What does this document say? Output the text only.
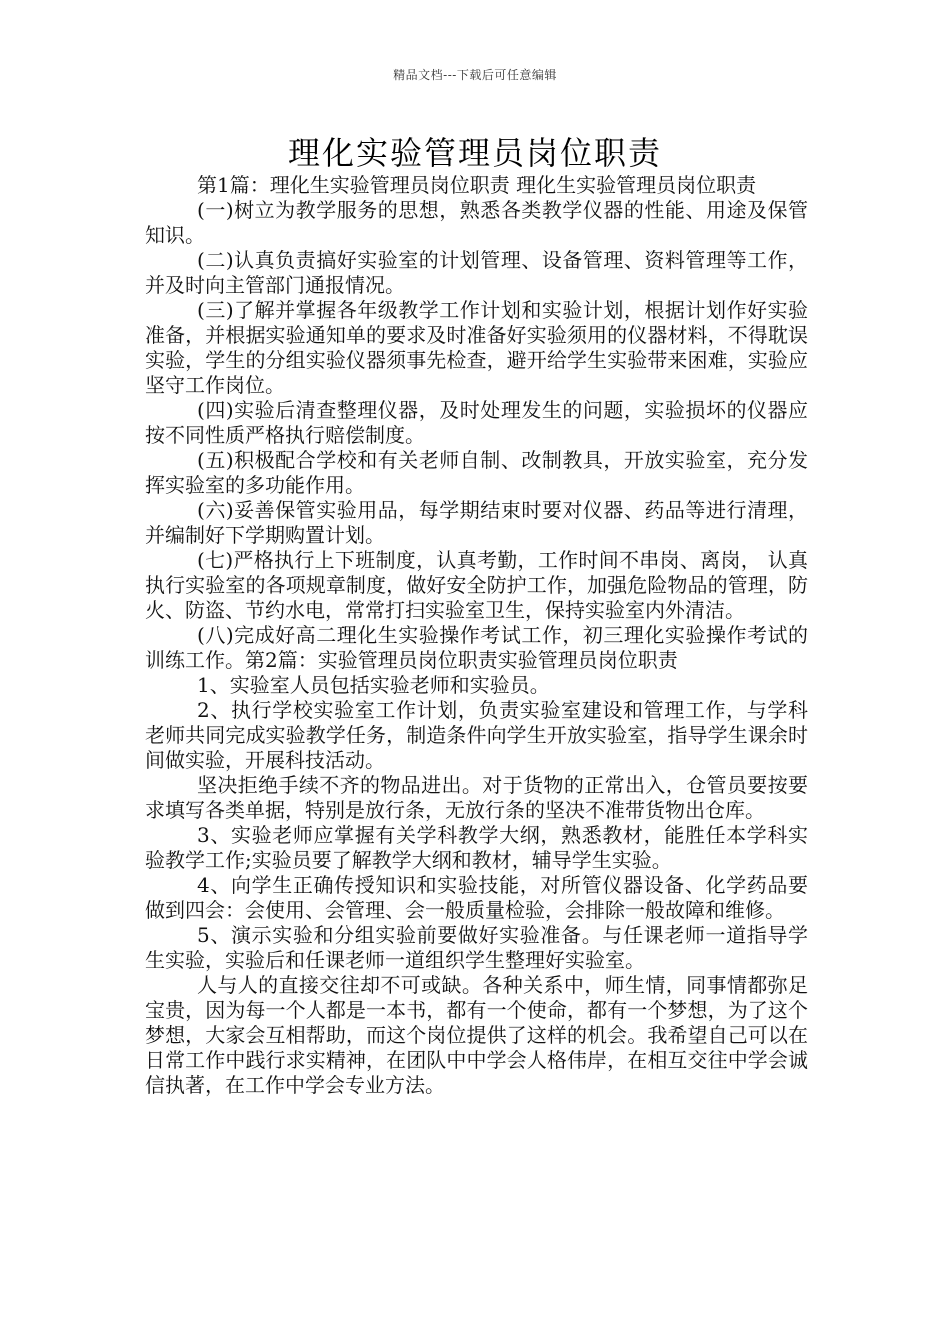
精品文档---下载后可任意编辑
理化实验管理员岗位职责

第1篇：理化生实验管理员岗位职责 理化生实验管理员岗位职责

(一)树立为教学服务的思想，熟悉各类教学仪器的性能、用途及保管知识。

(二)认真负责搞好实验室的计划管理、设备管理、资料管理等工作，并及时向主管部门通报情况。

(三)了解并掌握各年级教学工作计划和实验计划，根据计划作好实验准备，并根据实验通知单的要求及时准备好实验须用的仪器材料，不得耽误实验，学生的分组实验仪器须事先检查，避开给学生实验带来困难，实验应坚守工作岗位。

(四)实验后清查整理仪器，及时处理发生的问题，实验损坏的仪器应按不同性质严格执行赔偿制度。

(五)积极配合学校和有关老师自制、改制教具，开放实验室，充分发挥实验室的多功能作用。

(六)妥善保管实验用品，每学期结束时要对仪器、药品等进行清理，并编制好下学期购置计划。

(七)严格执行上下班制度，认真考勤，工作时间不串岗、离岗， 认真执行实验室的各项规章制度，做好安全防护工作，加强危险物品的管理，防火、防盗、节约水电，常常打扫实验室卫生，保持实验室内外清洁。

(八)完成好高二理化生实验操作考试工作，初三理化实验操作考试的训练工作。第2篇：实验管理员岗位职责实验管理员岗位职责

1、实验室人员包括实验老师和实验员。

2、执行学校实验室工作计划，负责实验室建设和管理工作，与学科老师共同完成实验教学任务，制造条件向学生开放实验室，指导学生课余时间做实验，开展科技活动。

坚决拒绝手续不齐的物品进出。对于货物的正常出入，仓管员要按要求填写各类单据，特别是放行条，无放行条的坚决不准带货物出仓库。

3、实验老师应掌握有关学科教学大纲，熟悉教材，能胜任本学科实验教学工作;实验员要了解教学大纲和教材，辅导学生实验。

4、向学生正确传授知识和实验技能，对所管仪器设备、化学药品要做到四会：会使用、会管理、会一般质量检验，会排除一般故障和维修。

5、演示实验和分组实验前要做好实验准备。与任课老师一道指导学生实验，实验后和任课老师一道组织学生整理好实验室。

人与人的直接交往却不可或缺。各种关系中，师生情，同事情都弥足宝贵，因为每一个人都是一本书，都有一个使命，都有一个梦想，为了这个梦想，大家会互相帮助，而这个岗位提供了这样的机会。我希望自己可以在日常工作中践行求实精神，在团队中中学会人格伟岸，在相互交往中学会诚信执著，在工作中学会专业方法。
